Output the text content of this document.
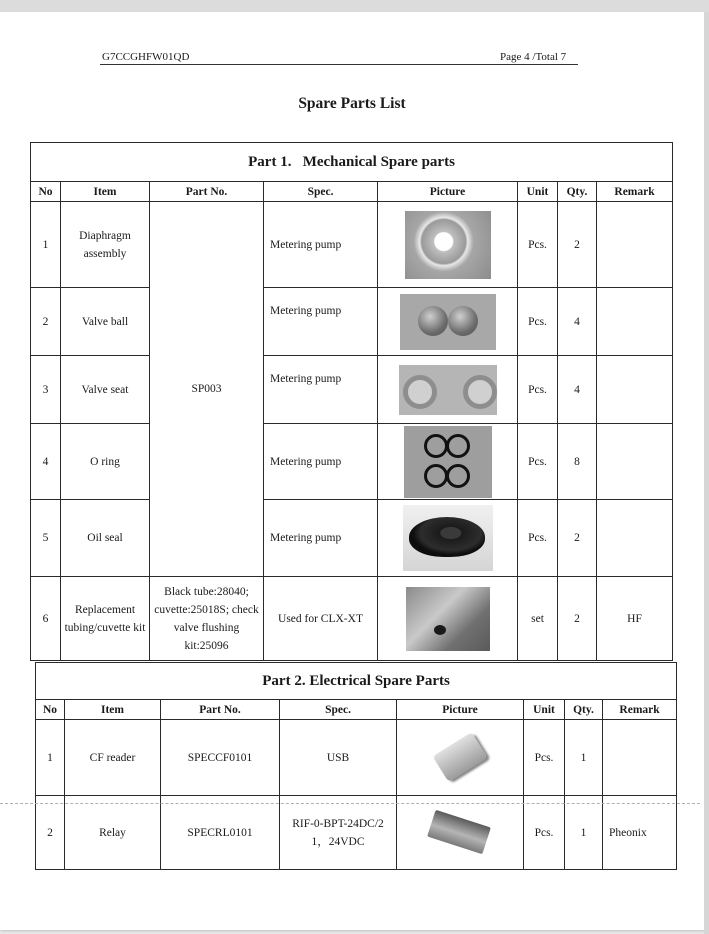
G7CCGHFW01QD	Page 4 /Total 7
Spare Parts List
Part 1.   Mechanical Spare parts							
No	Item	Part No.	Spec.	Picture	Unit	Qty.	Remark
1	Diaphragm assembly	SP003	Metering pump		Pcs.	2	
2	Valve ball		Metering pump		Pcs.	4	
3	Valve seat		Metering pump		Pcs.	4	
4	O ring		Metering pump		Pcs.	8	
5	Oil seal		Metering pump		Pcs.	2	
6	Replacement tubing/cuvette kit	Black tube:28040; cuvette:25018S; check valve flushing kit:25096	Used for CLX-XT		set	2	HF
Part 2. Electrical Spare Parts							
No	Item	Part No.	Spec.	Picture	Unit	Qty.	Remark
1	CF reader	SPECCF0101	USB		Pcs.	1	
2	Relay	SPECRL0101	RIF-0-BPT-24DC/21，24VDC		Pcs.	1	Pheonix
